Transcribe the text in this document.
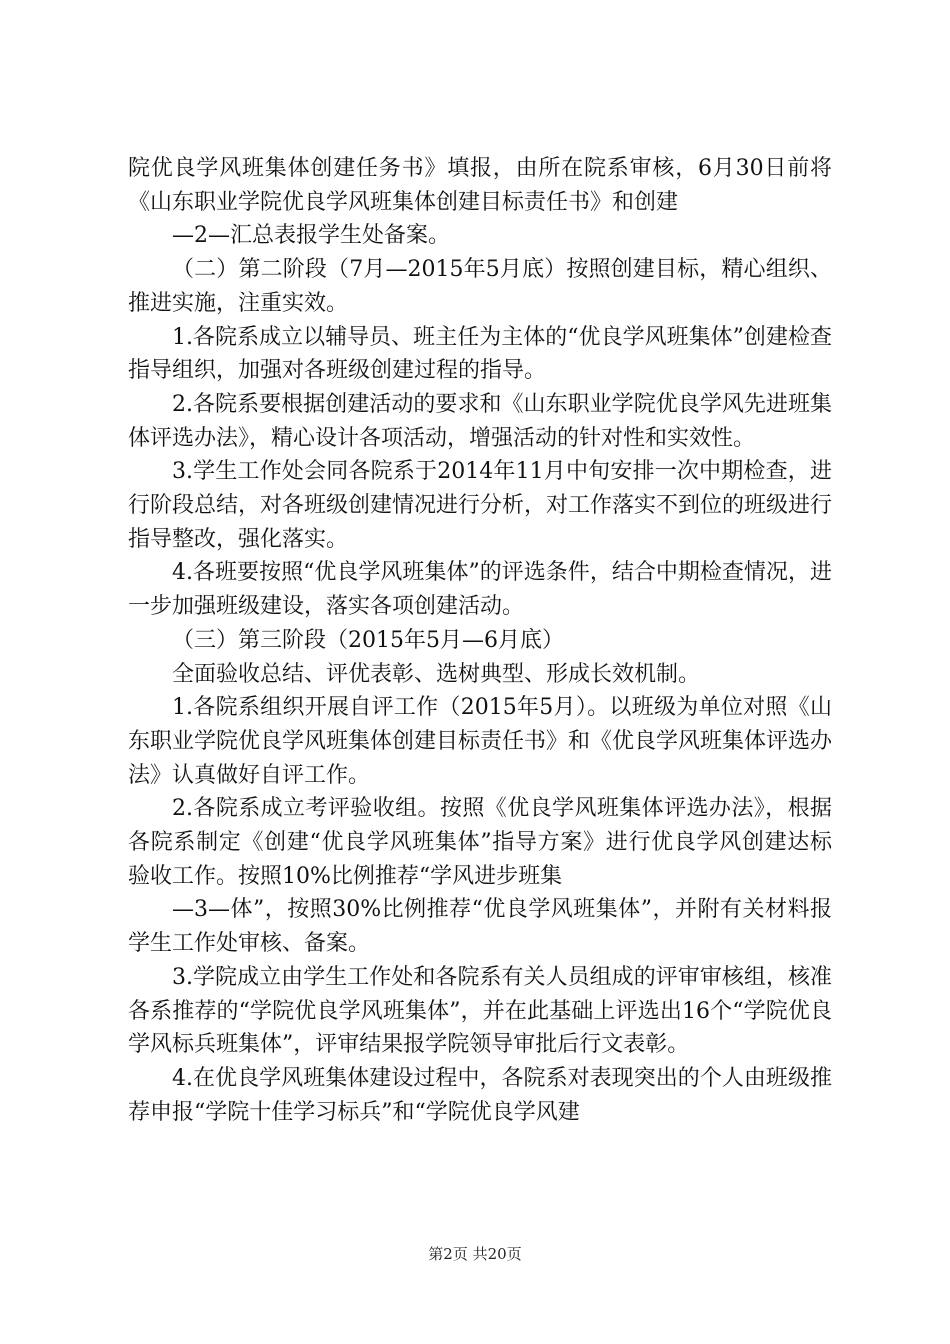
院优良学风班集体创建任务书》填报，由所在院系审核，6月30日前将《山东职业学院优良学风班集体创建目标责任书》和创建

—2—汇总表报学生处备案。

（二）第二阶段（7月—2015年5月底）按照创建目标，精心组织、推进实施，注重实效。

1.各院系成立以辅导员、班主任为主体的“优良学风班集体”创建检查指导组织，加强对各班级创建过程的指导。

2.各院系要根据创建活动的要求和《山东职业学院优良学风先进班集体评选办法》，精心设计各项活动，增强活动的针对性和实效性。

3.学生工作处会同各院系于2014年11月中旬安排一次中期检查，进行阶段总结，对各班级创建情况进行分析，对工作落实不到位的班级进行指导整改，强化落实。

4.各班要按照“优良学风班集体”的评选条件，结合中期检查情况，进一步加强班级建设，落实各项创建活动。

（三）第三阶段（2015年5月—6月底）

全面验收总结、评优表彰、选树典型、形成长效机制。

1.各院系组织开展自评工作（2015年5月）。以班级为单位对照《山东职业学院优良学风班集体创建目标责任书》和《优良学风班集体评选办法》认真做好自评工作。

2.各院系成立考评验收组。按照《优良学风班集体评选办法》，根据各院系制定《创建“优良学风班集体”指导方案》进行优良学风创建达标验收工作。按照10%比例推荐“学风进步班集

—3—体”，按照30%比例推荐“优良学风班集体”，并附有关材料报学生工作处审核、备案。

3.学院成立由学生工作处和各院系有关人员组成的评审审核组，核准各系推荐的“学院优良学风班集体”，并在此基础上评选出16个“学院优良学风标兵班集体”，评审结果报学院领导审批后行文表彰。

4.在优良学风班集体建设过程中，各院系对表现突出的个人由班级推荐申报“学院十佳学习标兵”和“学院优良学风建

第2页 共20页
